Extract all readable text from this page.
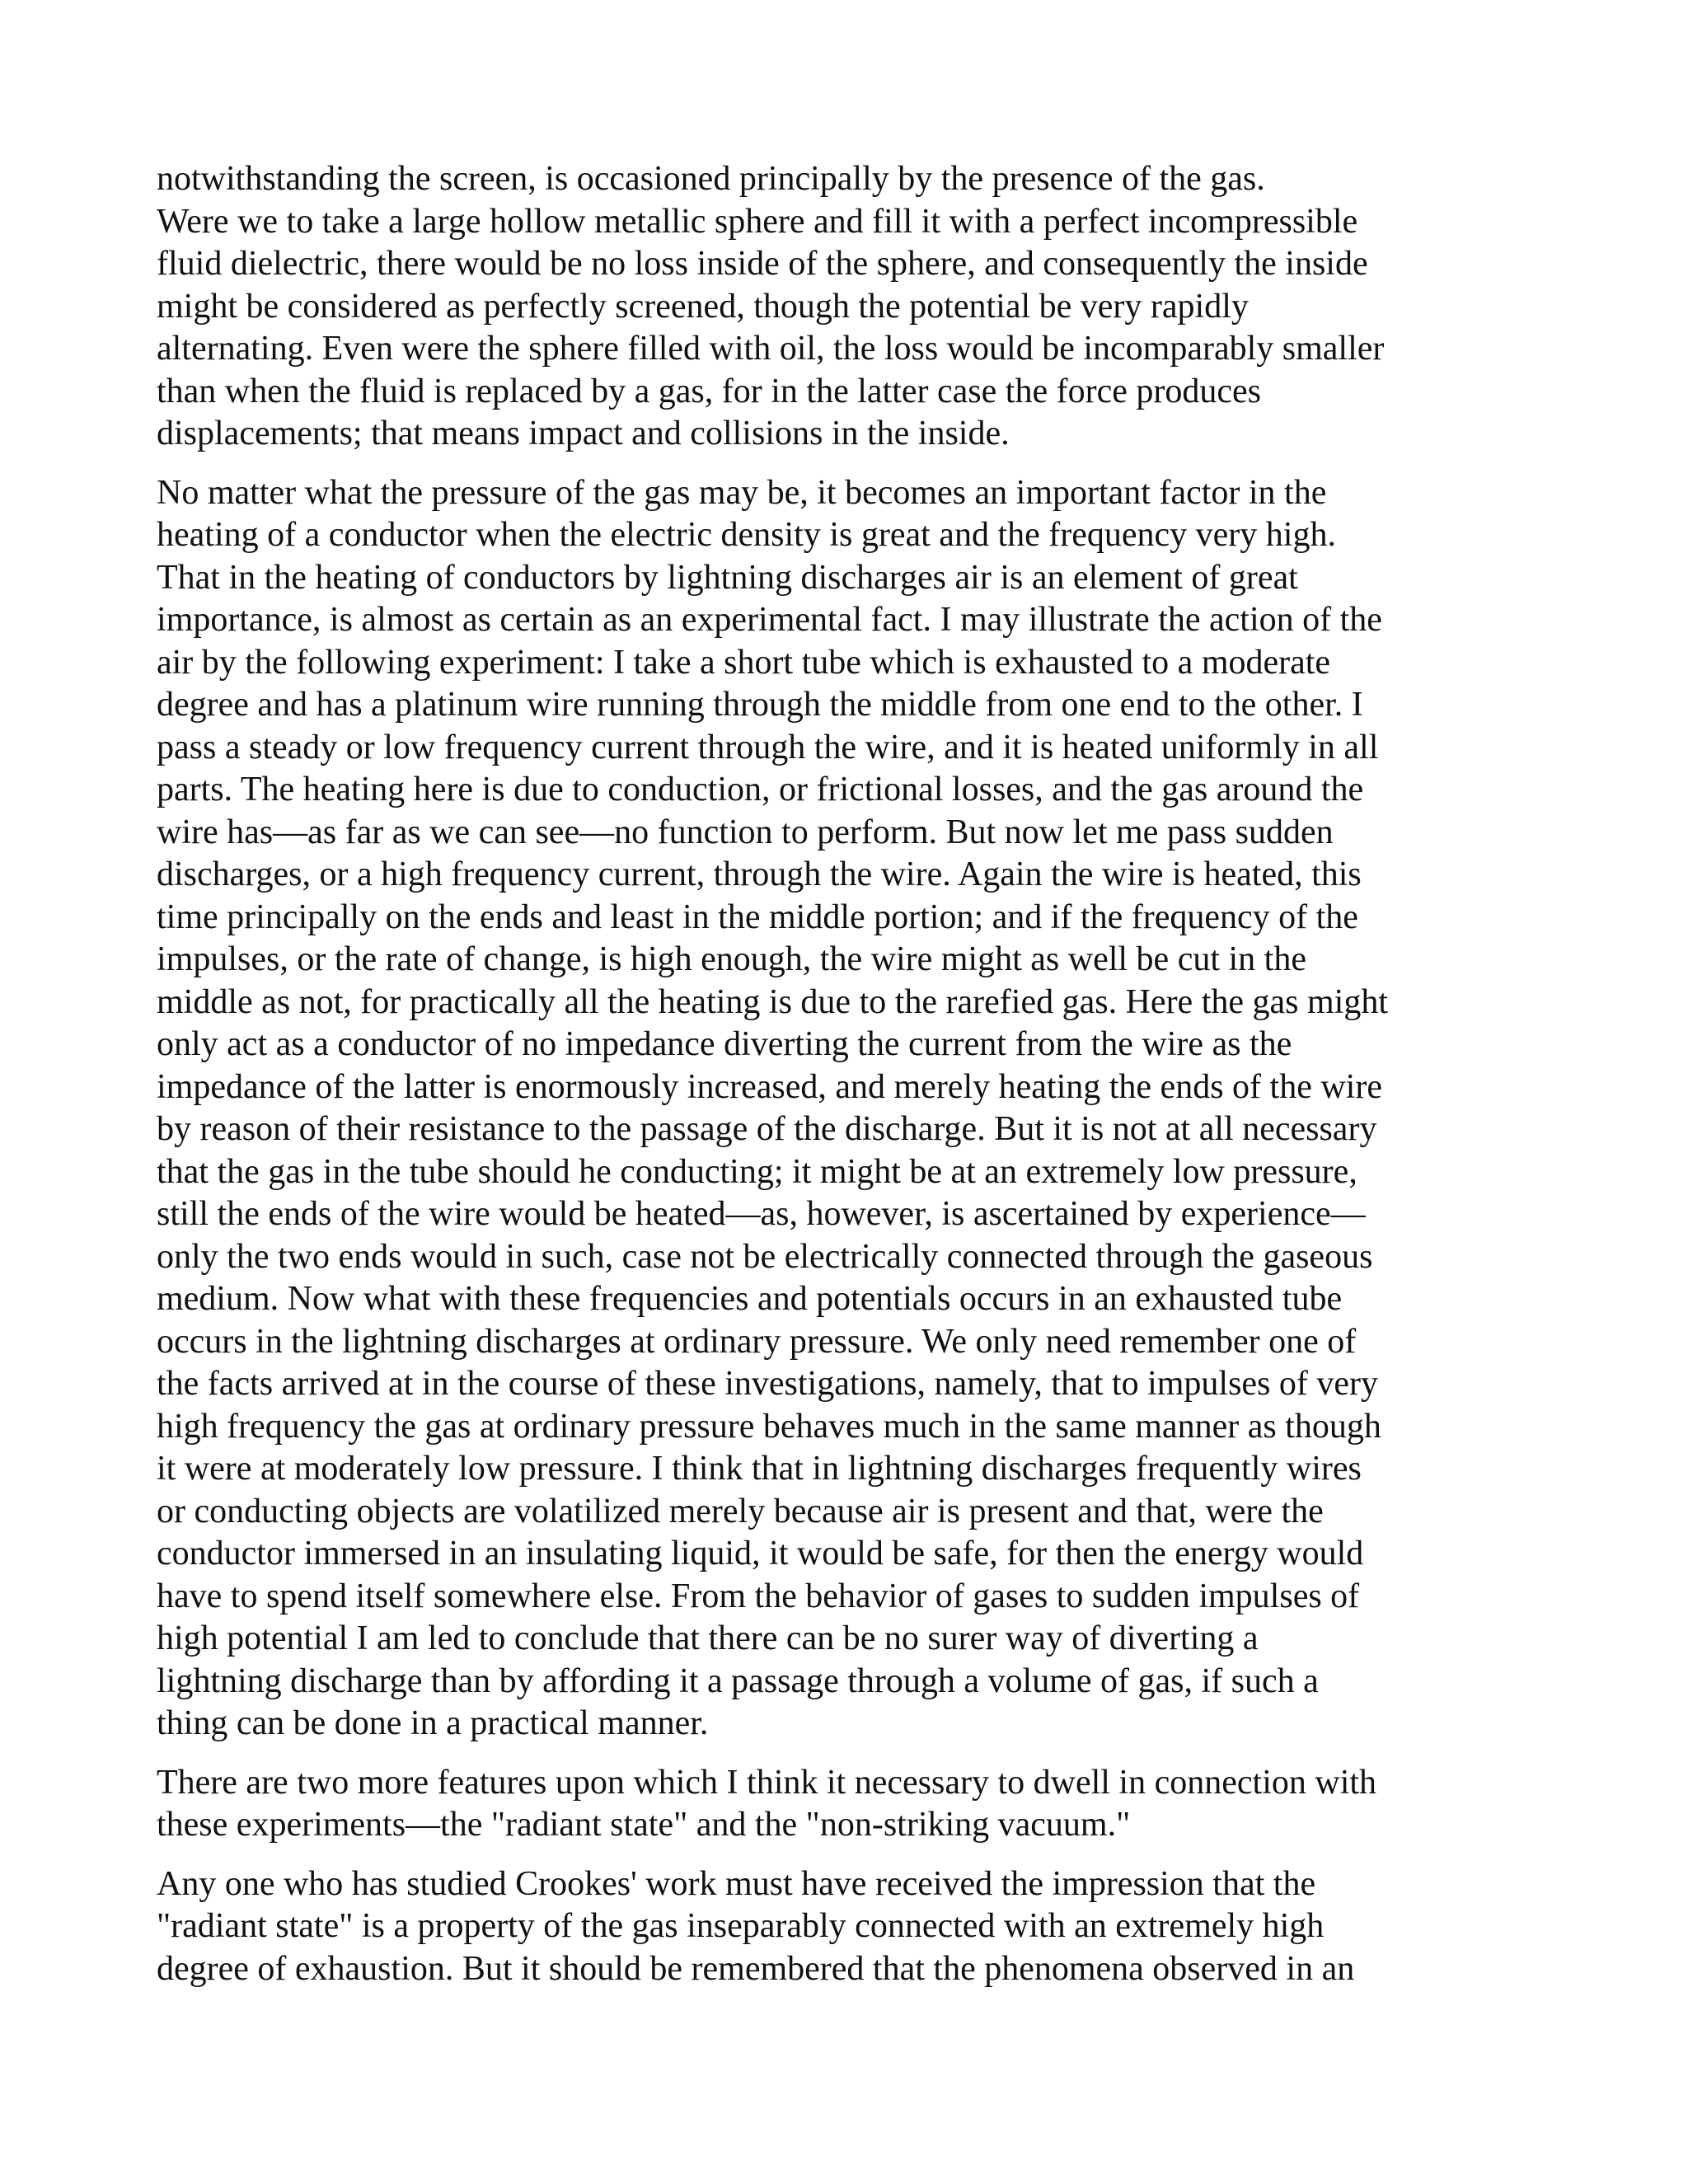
notwithstanding the screen, is occasioned principally by the presence of the gas.
Were we to take a large hollow metallic sphere and fill it with a perfect incompressible
fluid dielectric, there would be no loss inside of the sphere, and consequently the inside
might be considered as perfectly screened, though the potential be very rapidly
alternating. Even were the sphere filled with oil, the loss would be incomparably smaller
than when the fluid is replaced by a gas, for in the latter case the force produces
displacements; that means impact and collisions in the inside.

No matter what the pressure of the gas may be, it becomes an important factor in the
heating of a conductor when the electric density is great and the frequency very high.
That in the heating of conductors by lightning discharges air is an element of great
importance, is almost as certain as an experimental fact. I may illustrate the action of the
air by the following experiment: I take a short tube which is exhausted to a moderate
degree and has a platinum wire running through the middle from one end to the other. I
pass a steady or low frequency current through the wire, and it is heated uniformly in all
parts. The heating here is due to conduction, or frictional losses, and the gas around the
wire has—as far as we can see—no function to perform. But now let me pass sudden
discharges, or a high frequency current, through the wire. Again the wire is heated, this
time principally on the ends and least in the middle portion; and if the frequency of the
impulses, or the rate of change, is high enough, the wire might as well be cut in the
middle as not, for practically all the heating is due to the rarefied gas. Here the gas might
only act as a conductor of no impedance diverting the current from the wire as the
impedance of the latter is enormously increased, and merely heating the ends of the wire
by reason of their resistance to the passage of the discharge. But it is not at all necessary
that the gas in the tube should he conducting; it might be at an extremely low pressure,
still the ends of the wire would be heated—as, however, is ascertained by experience—
only the two ends would in such, case not be electrically connected through the gaseous
medium. Now what with these frequencies and potentials occurs in an exhausted tube
occurs in the lightning discharges at ordinary pressure. We only need remember one of
the facts arrived at in the course of these investigations, namely, that to impulses of very
high frequency the gas at ordinary pressure behaves much in the same manner as though
it were at moderately low pressure. I think that in lightning discharges frequently wires
or conducting objects are volatilized merely because air is present and that, were the
conductor immersed in an insulating liquid, it would be safe, for then the energy would
have to spend itself somewhere else. From the behavior of gases to sudden impulses of
high potential I am led to conclude that there can be no surer way of diverting a
lightning discharge than by affording it a passage through a volume of gas, if such a
thing can be done in a practical manner.

There are two more features upon which I think it necessary to dwell in connection with
these experiments—the "radiant state" and the "non-striking vacuum."

Any one who has studied Crookes' work must have received the impression that the
"radiant state" is a property of the gas inseparably connected with an extremely high
degree of exhaustion. But it should be remembered that the phenomena observed in an
